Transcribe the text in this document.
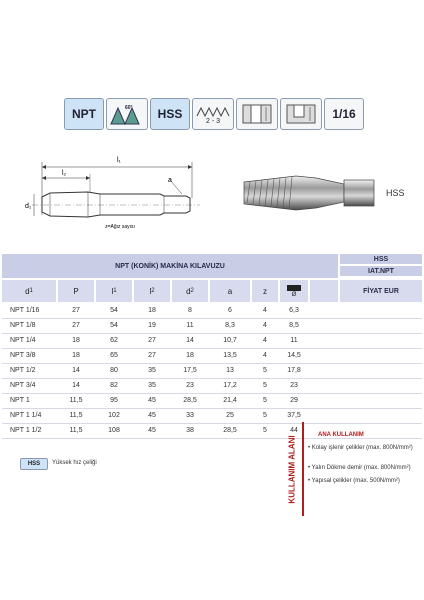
NPT	60° HSS	2 - 3	1/16
l₁
l₂
d₁
a
z=Ağız sayısı
HSS
NPT (KONİK) MAKİNA KILAVUZU
HSS
IAT.NPT
FİYAT EUR
d 1	P	l 1	l 2	d 2	a	z	Ø
NPT 1/16	27	54	18	8	6	4	6,3
NPT 1/8	27	54	19	11	8,3	4	8,5
NPT 1/4	18	62	27	14	10,7	4	11
NPT 3/8	18	65	27	18	13,5	4	14,5
NPT 1/2	14	80	35	17,5	13	5	17,8
NPT 3/4	14	82	35	23	17,2	5	23
NPT 1	11,5	95	45	28,5	21,4	5	29
NPT 1 1/4	11,5	102	45	33	25	5	37,5
NPT 1 1/2	11,5	108	45	38	28,5	5	44
HSS Yüksek hız çeliği	KULLANIM ALANI	ANA KULLANIM
• Kolay işlenir çelikler (max. 800N/mm²)
• Yalın Dökme demir (max. 800N/mm²)
• Yapısal çelikler (max. 500N/mm²)
